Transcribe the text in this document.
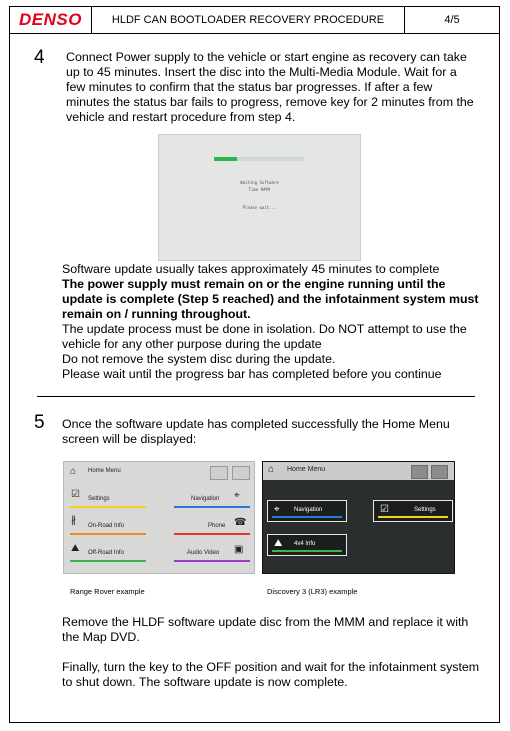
DENSO	HLDF CAN BOOTLOADER RECOVERY PROCEDURE	4/5
4 Connect Power supply to the vehicle or start engine as recovery can take up to 45 minutes. Insert the disc into the Multi-Media Module. Wait for a few minutes to confirm that the status bar progresses. If after a few minutes the status bar fails to progress, remove key for 2 minutes from the vehicle and restart procedure from step 4.

Waiting Software
Time ####
Please wait...

Software update usually takes approximately 45 minutes to complete

The power supply must remain on or the engine running until the update is complete (Step 5 reached) and the infotainment system must remain on / running throughout.

The update process must be done in isolation. Do NOT attempt to use the vehicle for any other purpose during the update

Do not remove the system disc during the update.

Please wait until the progress bar has completed before you continue

5 Once the software update has completed successfully the Home Menu screen will be displayed:

⌂ Home Menu
☑ Settings	Navigation ⌖
∦ On-Road Info	Phone ☎
⛰ Off-Road Info	Audio Video ▣
⌂ Home Menu
⌖ Navigation	☑	Settings
⛰ 4x4 Info
Range Rover example	Discovery 3 (LR3) example

Remove the HLDF software update disc from the MMM and replace it with the Map DVD.

Finally, turn the key to the OFF position and wait for the infotainment system to shut down. The software update is now complete.
